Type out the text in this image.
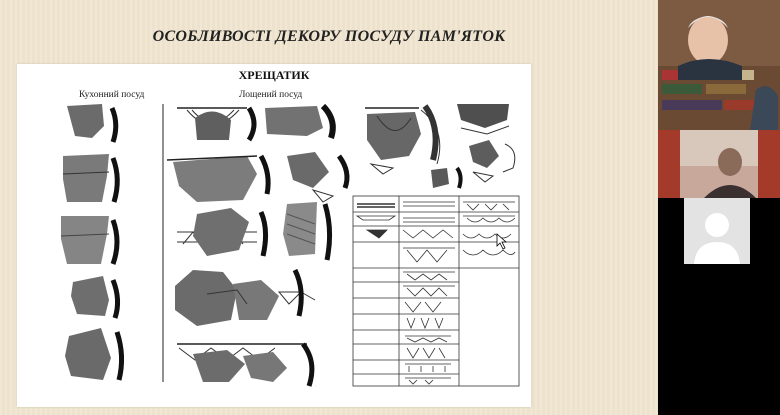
ОСОБЛИВОСТІ ДЕКОРУ ПОСУДУ ПАМ'ЯТОК
ХРЕЩАТИК
Кухонний посуд	Лощений посуд
.
